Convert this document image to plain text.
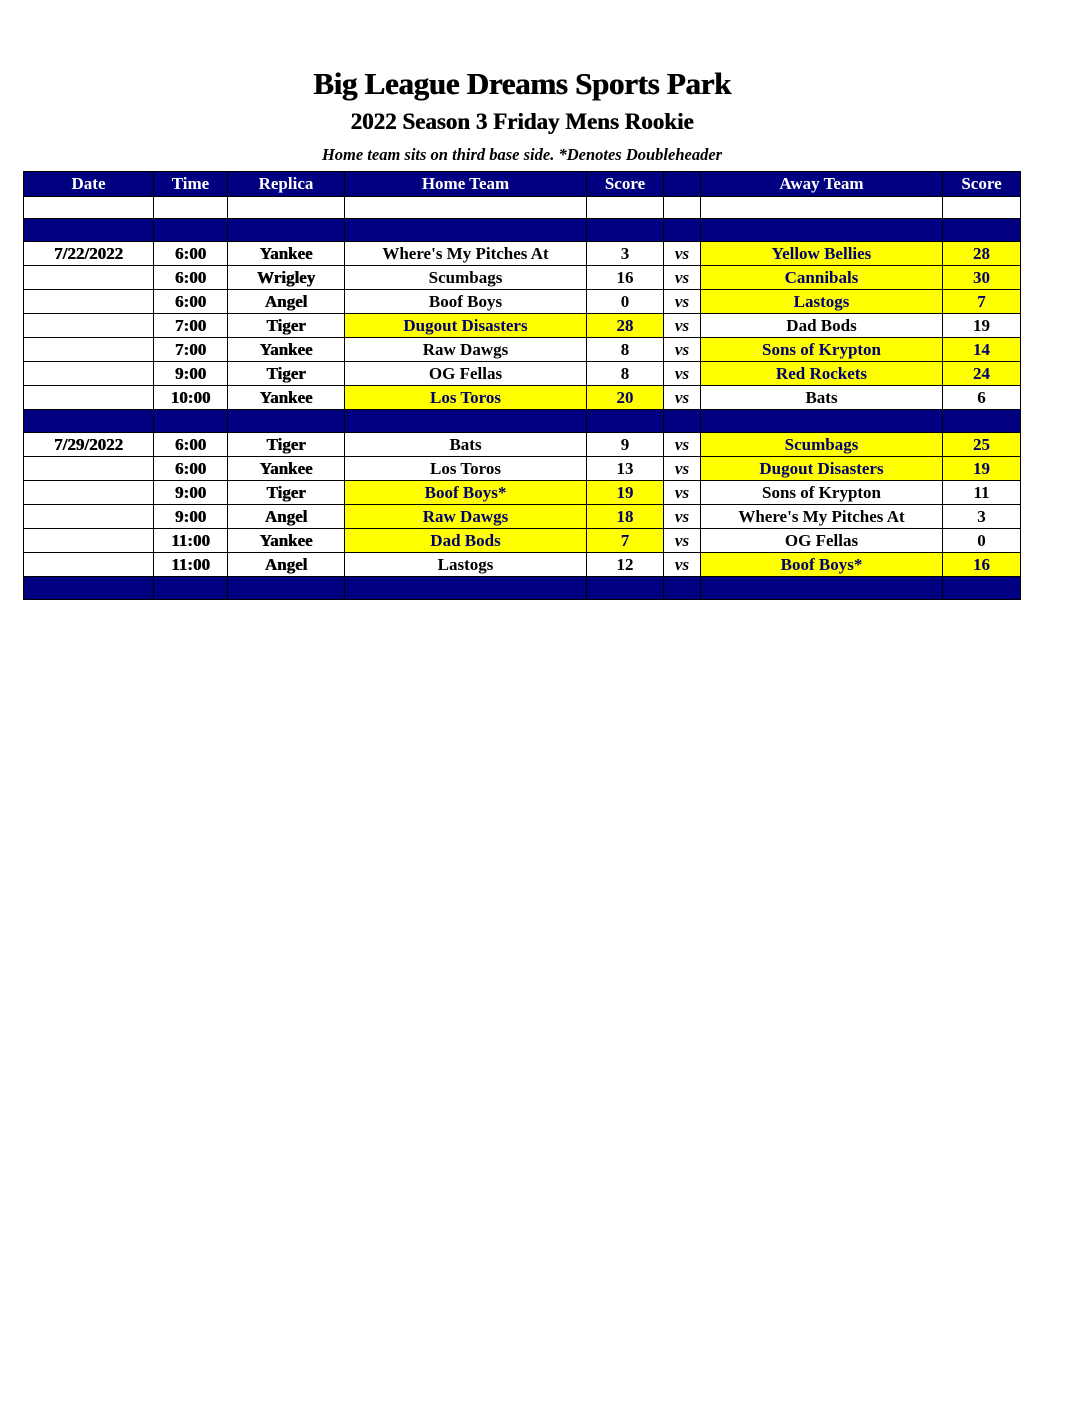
Big League Dreams Sports Park
2022 Season 3 Friday Mens Rookie
Home team sits on third base side. *Denotes Doubleheader
Date	Time	Replica	Home Team	Score		Away Team	Score

7/22/2022	6:00	Yankee	Where's My Pitches At	3	vs	Yellow Bellies	28
	6:00	Wrigley	Scumbags	16	vs	Cannibals	30
	6:00	Angel	Boof Boys	0	vs	Lastogs	7
	7:00	Tiger	Dugout Disasters	28	vs	Dad Bods	19
	7:00	Yankee	Raw Dawgs	8	vs	Sons of Krypton	14
	9:00	Tiger	OG Fellas	8	vs	Red Rockets	24
	10:00	Yankee	Los Toros	20	vs	Bats	6

7/29/2022	6:00	Tiger	Bats	9	vs	Scumbags	25
	6:00	Yankee	Los Toros	13	vs	Dugout Disasters	19
	9:00	Tiger	Boof Boys*	19	vs	Sons of Krypton	11
	9:00	Angel	Raw Dawgs	18	vs	Where's My Pitches At	3
	11:00	Yankee	Dad Bods	7	vs	OG Fellas	0
	11:00	Angel	Lastogs	12	vs	Boof Boys*	16
